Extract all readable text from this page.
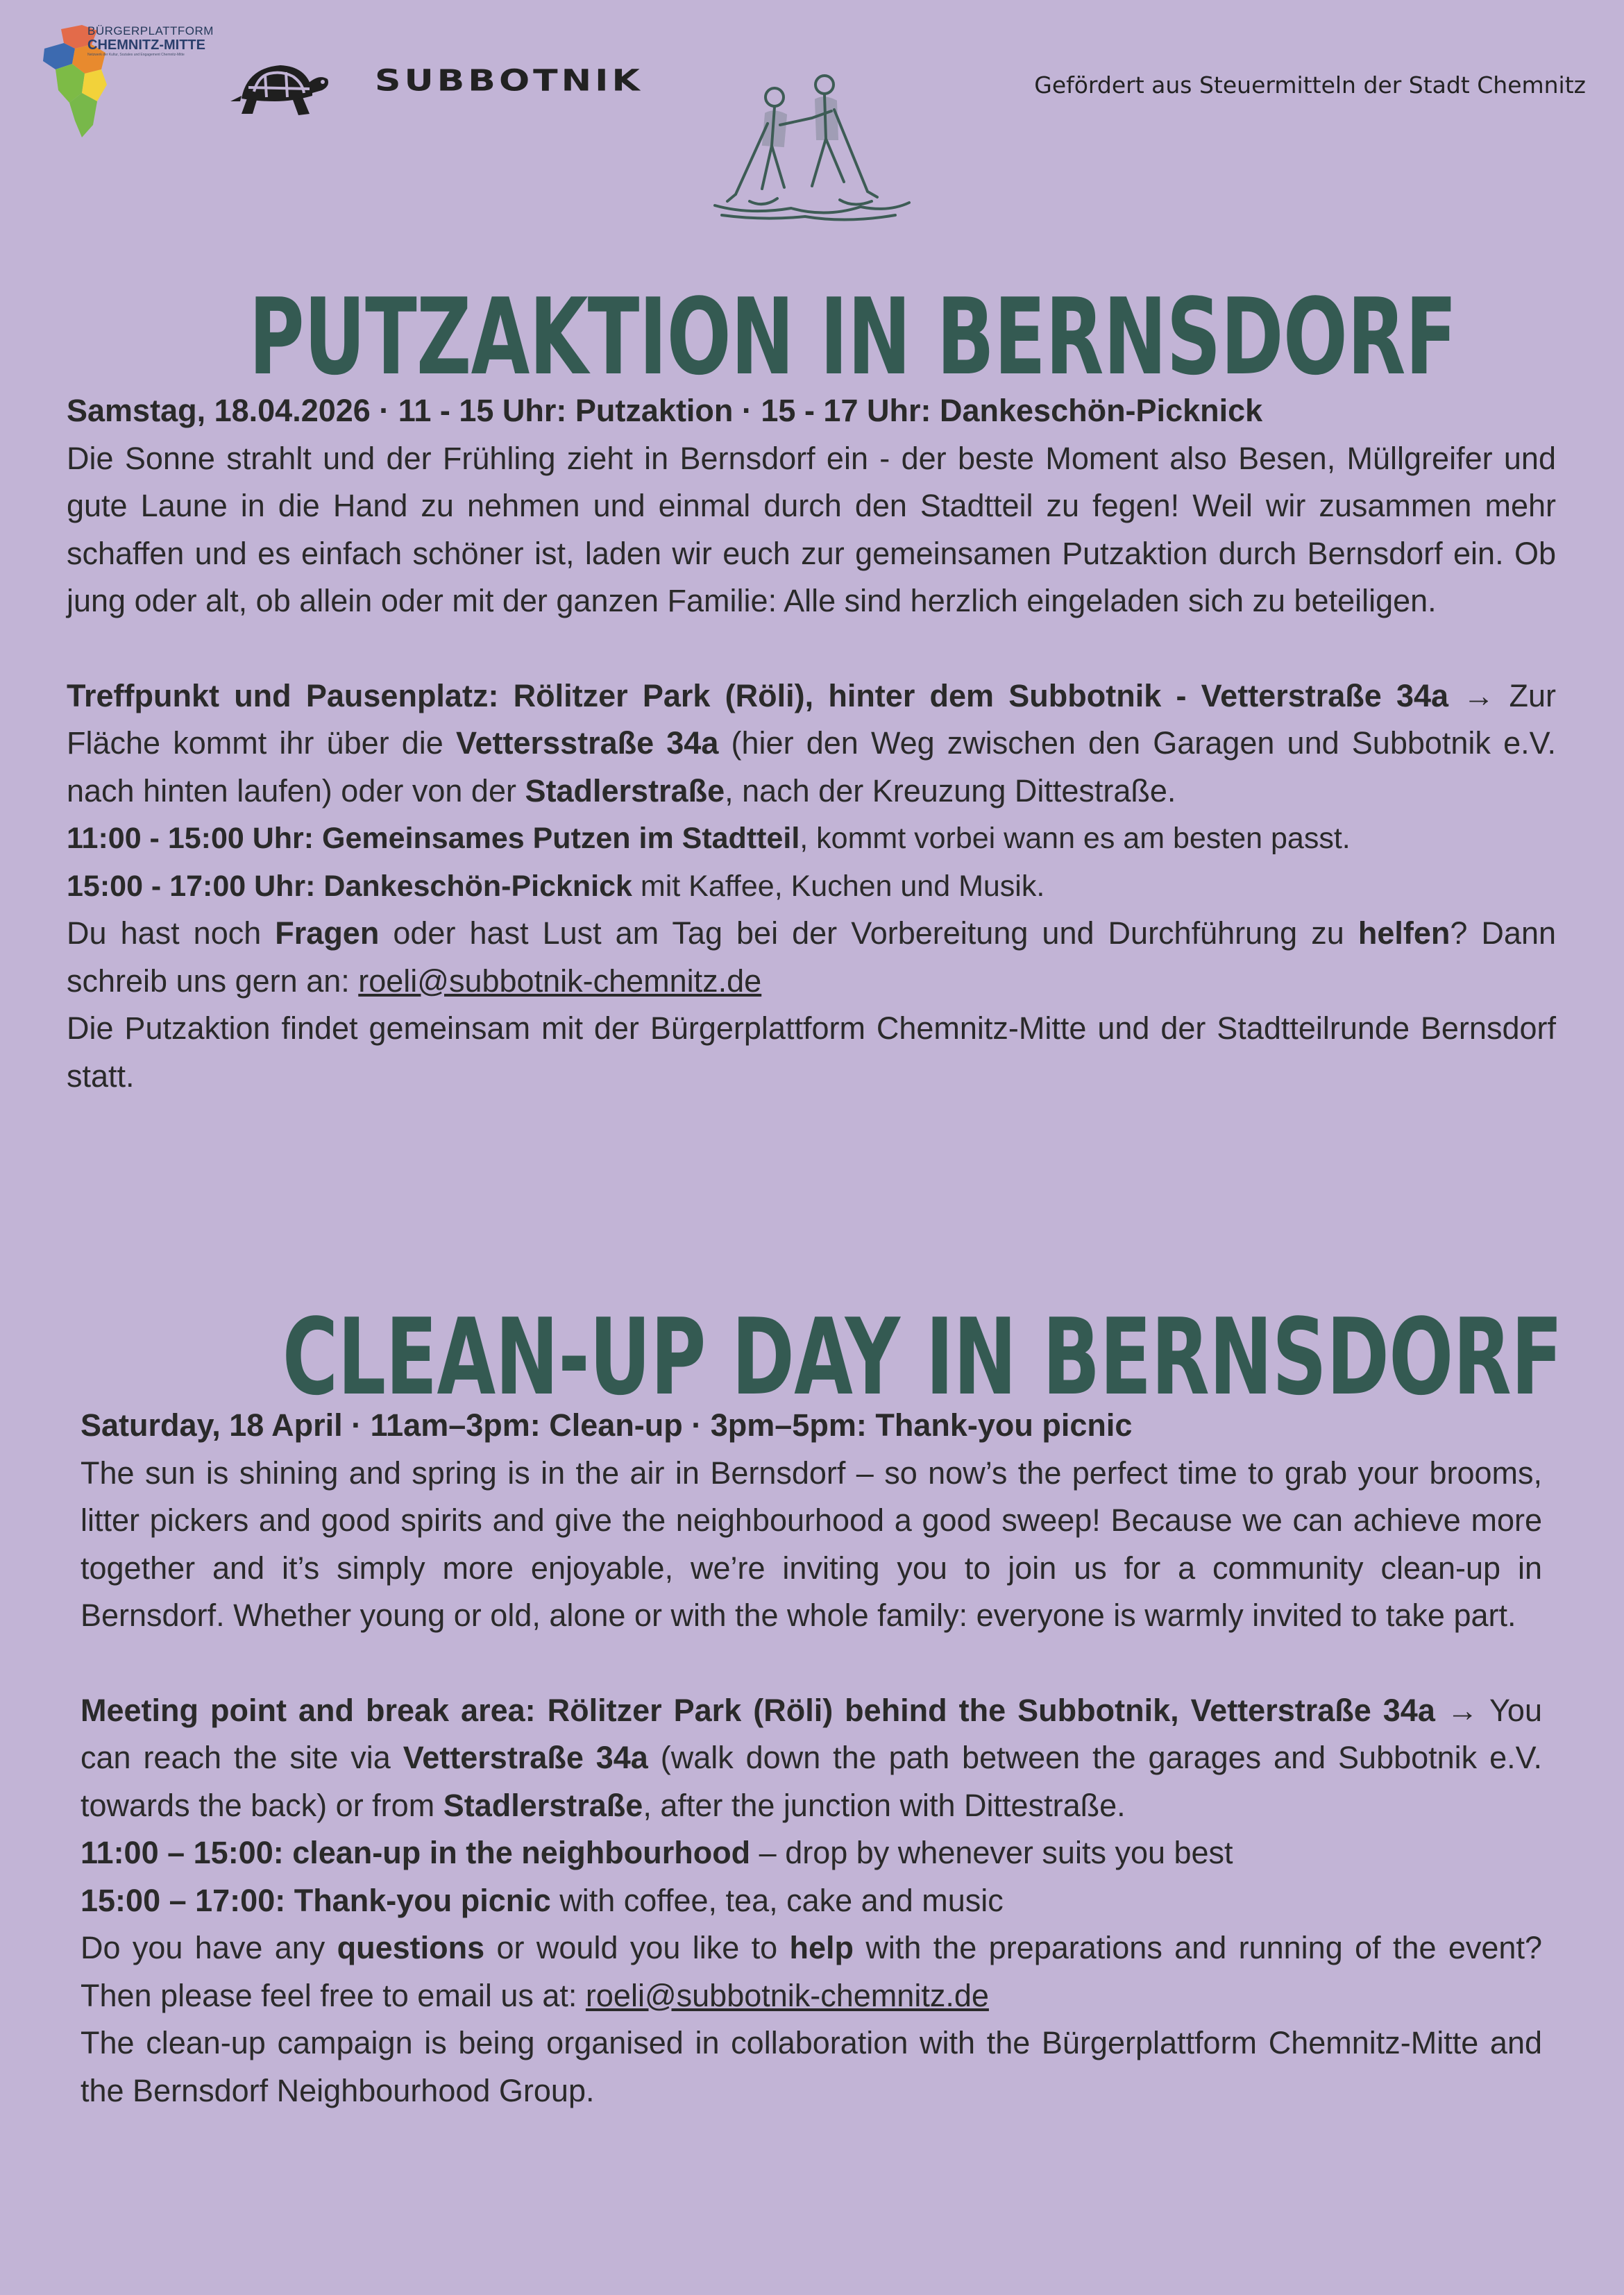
BÜRGERPLATTFORM
CHEMNITZ-MITTE
Netzwerk der Kultur, Soziales und Engagement Chemnitz-Mitte
SUBBOTNIK	Gefördert aus Steuermitteln der Stadt Chemnitz
PUTZAKTION IN BERNSDORF

Samstag, 18.04.2026 · 11 - 15 Uhr: Putzaktion · 15 - 17 Uhr: Dankeschön-Picknick

Die Sonne strahlt und der Frühling zieht in Bernsdorf ein - der beste Moment also Besen, Müllgreifer und gute Laune in die Hand zu nehmen und einmal durch den Stadtteil zu fegen! Weil wir zusammen mehr schaffen und es einfach schöner ist, laden wir euch zur gemeinsamen Putzaktion durch Bernsdorf ein. Ob jung oder alt, ob allein oder mit der ganzen Familie: Alle sind herzlich eingeladen sich zu beteiligen.

Treffpunkt und Pausenplatz: Rölitzer Park (Röli), hinter dem Subbotnik - Vetterstraße 34a → Zur Fläche kommt ihr über die Vettersstraße 34a (hier den Weg zwischen den Garagen und Subbotnik e.V. nach hinten laufen) oder von der Stadlerstraße, nach der Kreuzung Dittestraße.

11:00 - 15:00 Uhr: Gemeinsames Putzen im Stadtteil, kommt vorbei wann es am besten passt.

15:00 - 17:00 Uhr: Dankeschön-Picknick mit Kaffee, Kuchen und Musik.

Du hast noch Fragen oder hast Lust am Tag bei der Vorbereitung und Durchführung zu helfen? Dann schreib uns gern an: roeli@subbotnik-chemnitz.de

Die Putzaktion findet gemeinsam mit der Bürgerplattform Chemnitz-Mitte und der Stadtteilrunde Bernsdorf statt.

CLEAN-UP DAY IN BERNSDORF

Saturday, 18 April · 11am–3pm: Clean-up · 3pm–5pm: Thank-you picnic

The sun is shining and spring is in the air in Bernsdorf – so now’s the perfect time to grab your brooms, litter pickers and good spirits and give the neighbourhood a good sweep! Because we can achieve more together and it’s simply more enjoyable, we’re inviting you to join us for a community clean-up in Bernsdorf. Whether young or old, alone or with the whole family: everyone is warmly invited to take part.

Meeting point and break area: Rölitzer Park (Röli) behind the Subbotnik, Vetterstraße 34a → You can reach the site via Vetterstraße 34a (walk down the path between the garages and Subbotnik e.V. towards the back) or from Stadlerstraße, after the junction with Dittestraße.

11:00 – 15:00: clean-up in the neighbourhood – drop by whenever suits you best

15:00 – 17:00: Thank-you picnic with coffee, tea, cake and music

Do you have any questions or would you like to help with the preparations and running of the event? Then please feel free to email us at: roeli@subbotnik-chemnitz.de

The clean-up campaign is being organised in collaboration with the Bürgerplattform Chemnitz-Mitte and the Bernsdorf Neighbourhood Group.
